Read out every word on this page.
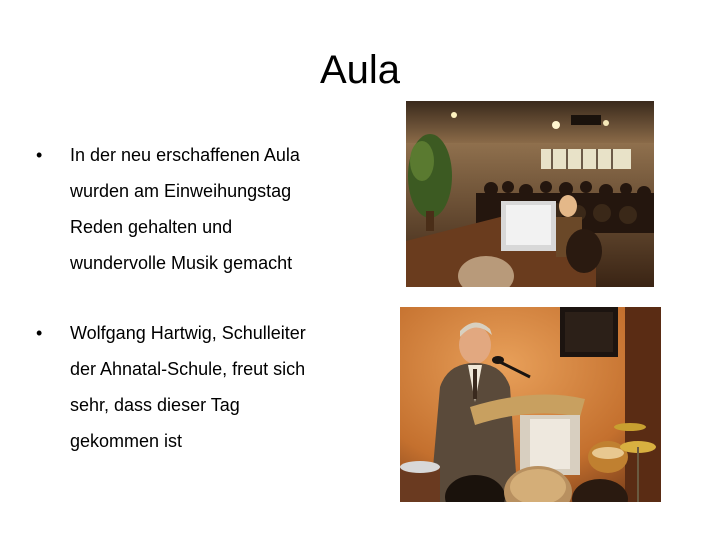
Aula
•	In der neu erschaffenen Aula
wurden am Einweihungstag
Reden gehalten und
wundervolle Musik gemacht
•	Wolfgang Hartwig, Schulleiter
der Ahnatal-Schule, freut sich
sehr, dass dieser Tag
gekommen ist
